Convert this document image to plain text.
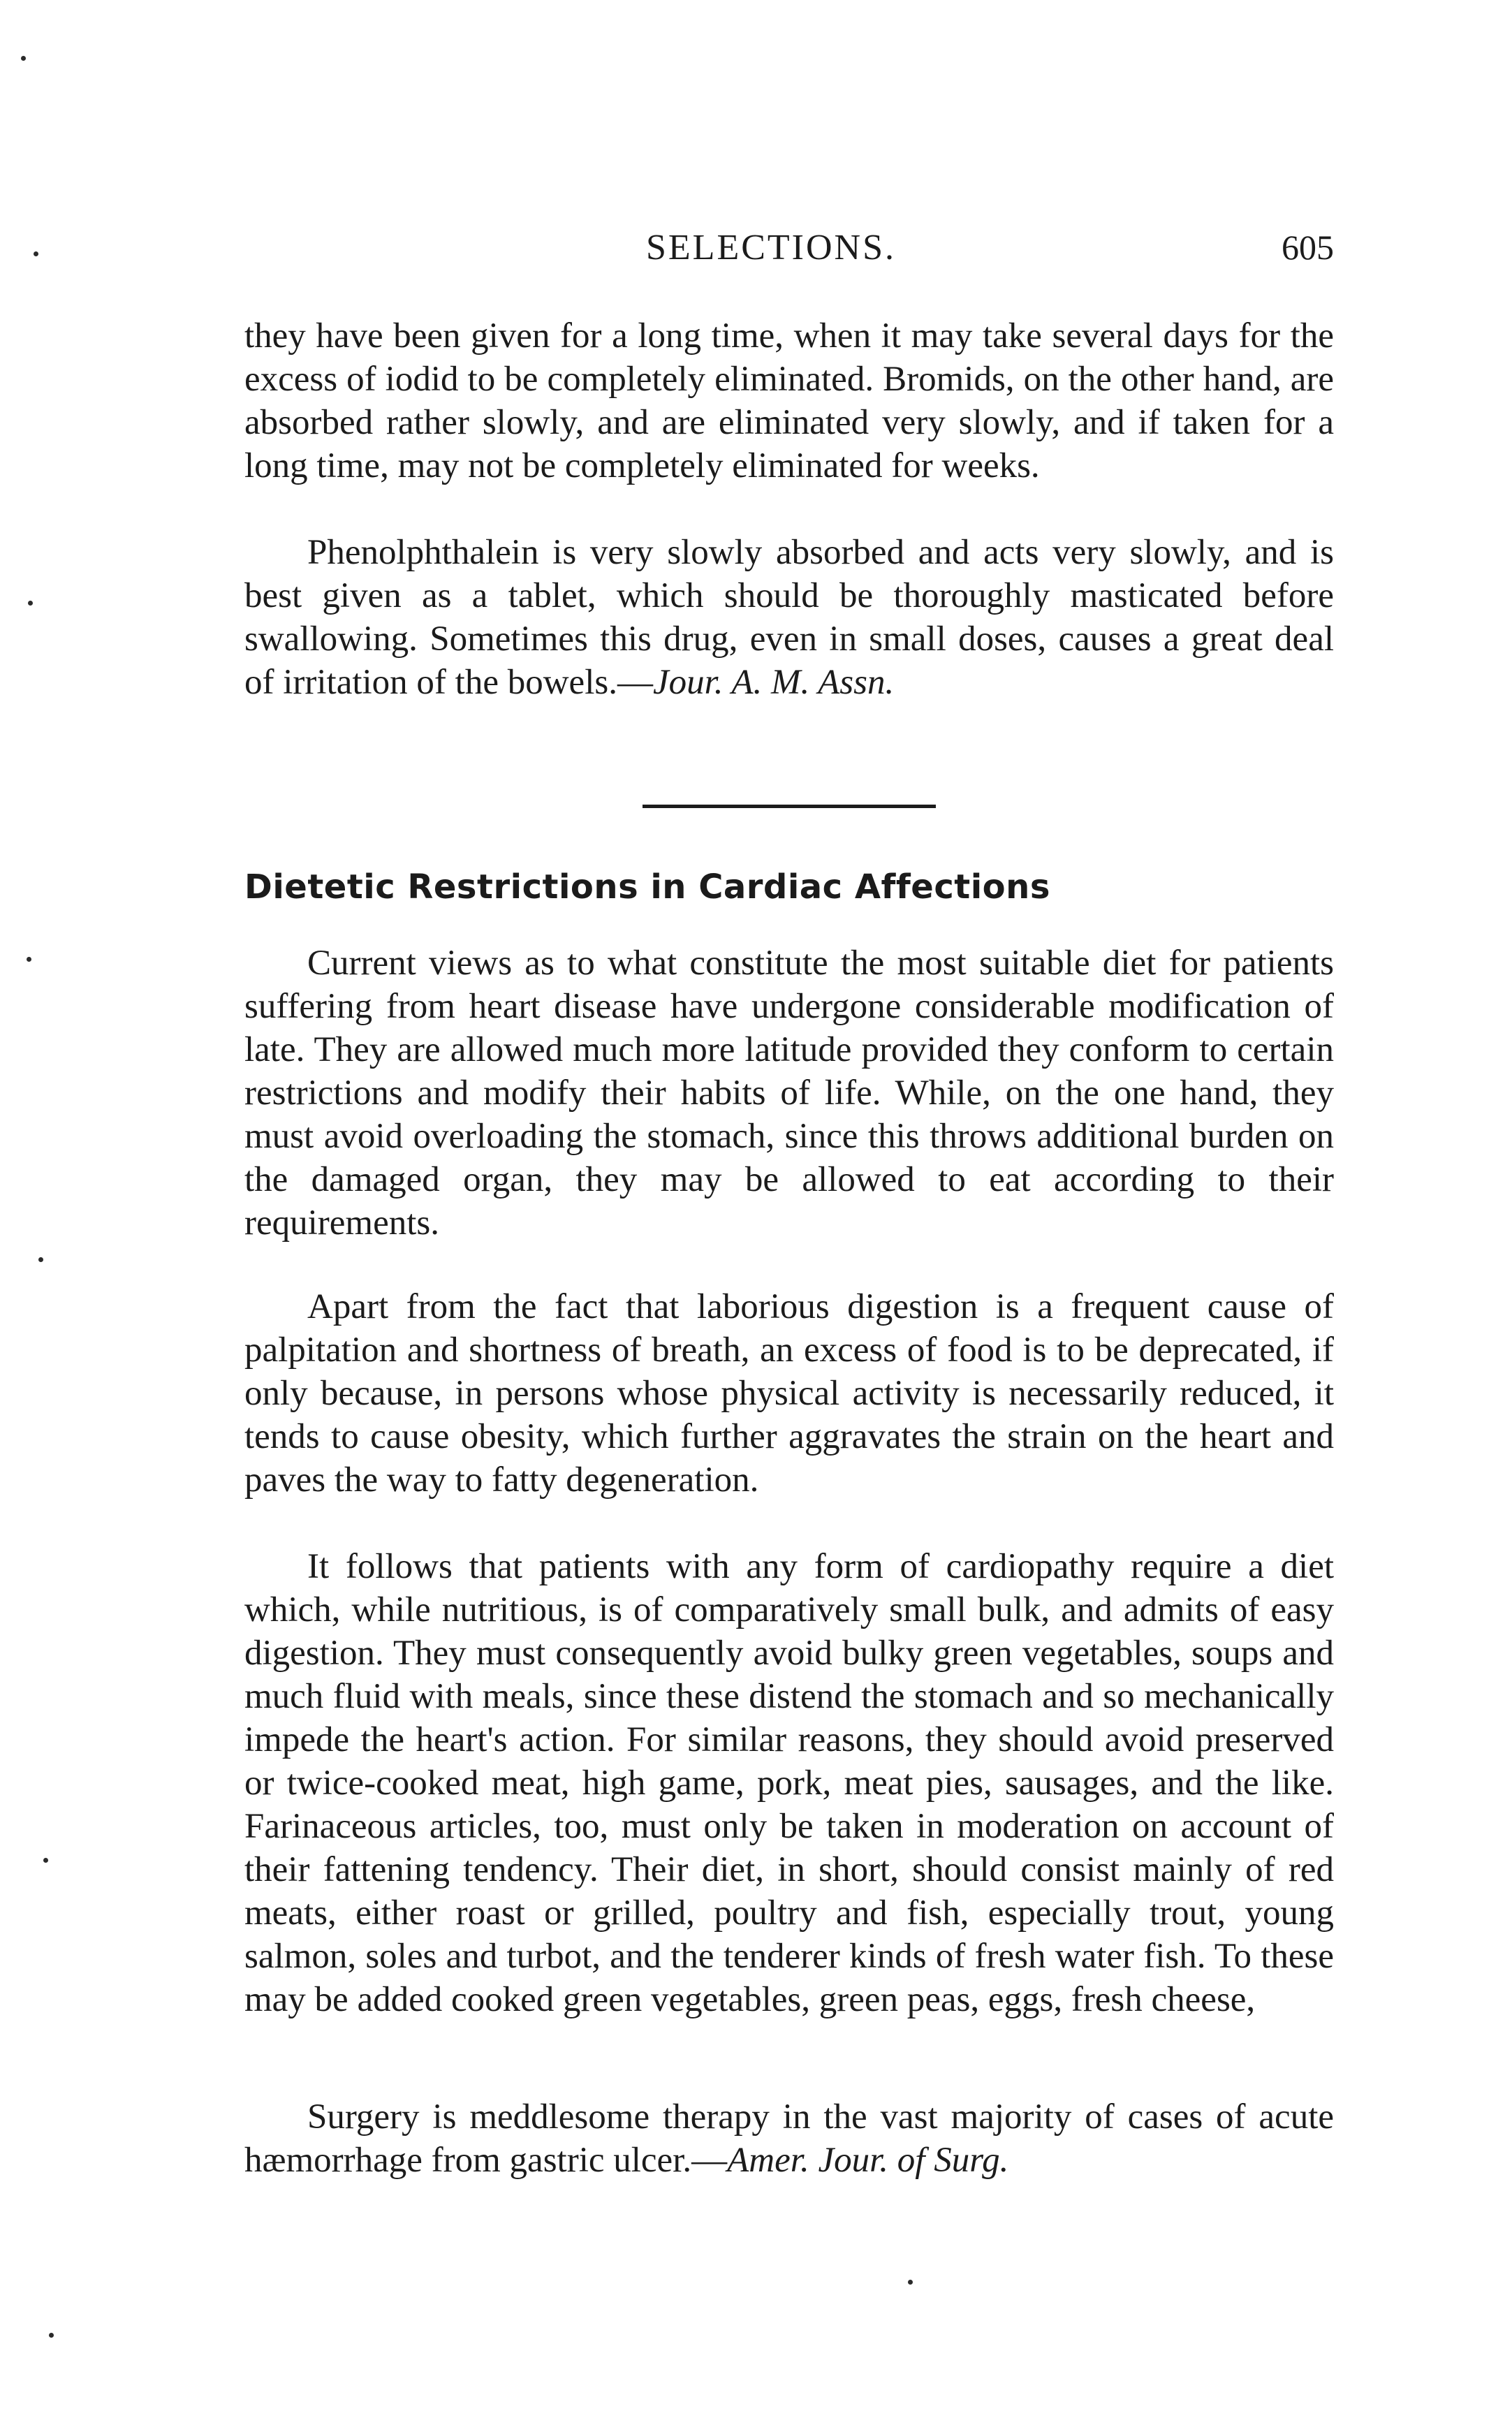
SELECTIONS.	605

they have been given for a long time, when it may take several days for the excess of iodid to be completely eliminated. Bromids, on the other hand, are absorbed rather slowly, and are eliminated very slowly, and if taken for a long time, may not be completely eliminated for weeks.

Phenolphthalein is very slowly absorbed and acts very slowly, and is best given as a tablet, which should be thoroughly masticated before swallowing. Sometimes this drug, even in small doses, causes a great deal of irritation of the bowels.—Jour. A. M. Assn.

Dietetic Restrictions in Cardiac Affections

Current views as to what constitute the most suitable diet for patients suffering from heart disease have undergone considerable modification of late. They are allowed much more latitude provided they conform to certain restrictions and modify their habits of life. While, on the one hand, they must avoid overloading the stomach, since this throws additional burden on the damaged organ, they may be allowed to eat according to their requirements.

Apart from the fact that laborious digestion is a frequent cause of palpitation and shortness of breath, an excess of food is to be deprecated, if only because, in persons whose physical activity is necessarily reduced, it tends to cause obesity, which further aggravates the strain on the heart and paves the way to fatty degeneration.

It follows that patients with any form of cardiopathy require a diet which, while nutritious, is of comparatively small bulk, and admits of easy digestion. They must consequently avoid bulky green vegetables, soups and much fluid with meals, since these distend the stomach and so mechanically impede the heart's action. For similar reasons, they should avoid preserved or twice-cooked meat, high game, pork, meat pies, sausages, and the like. Farinaceous articles, too, must only be taken in moderation on account of their fattening tendency. Their diet, in short, should consist mainly of red meats, either roast or grilled, poultry and fish, especially trout, young salmon, soles and turbot, and the tenderer kinds of fresh water fish. To these may be added cooked green vegetables, green peas, eggs, fresh cheese,

Surgery is meddlesome therapy in the vast majority of cases of acute hæmorrhage from gastric ulcer.—Amer. Jour. of Surg.
